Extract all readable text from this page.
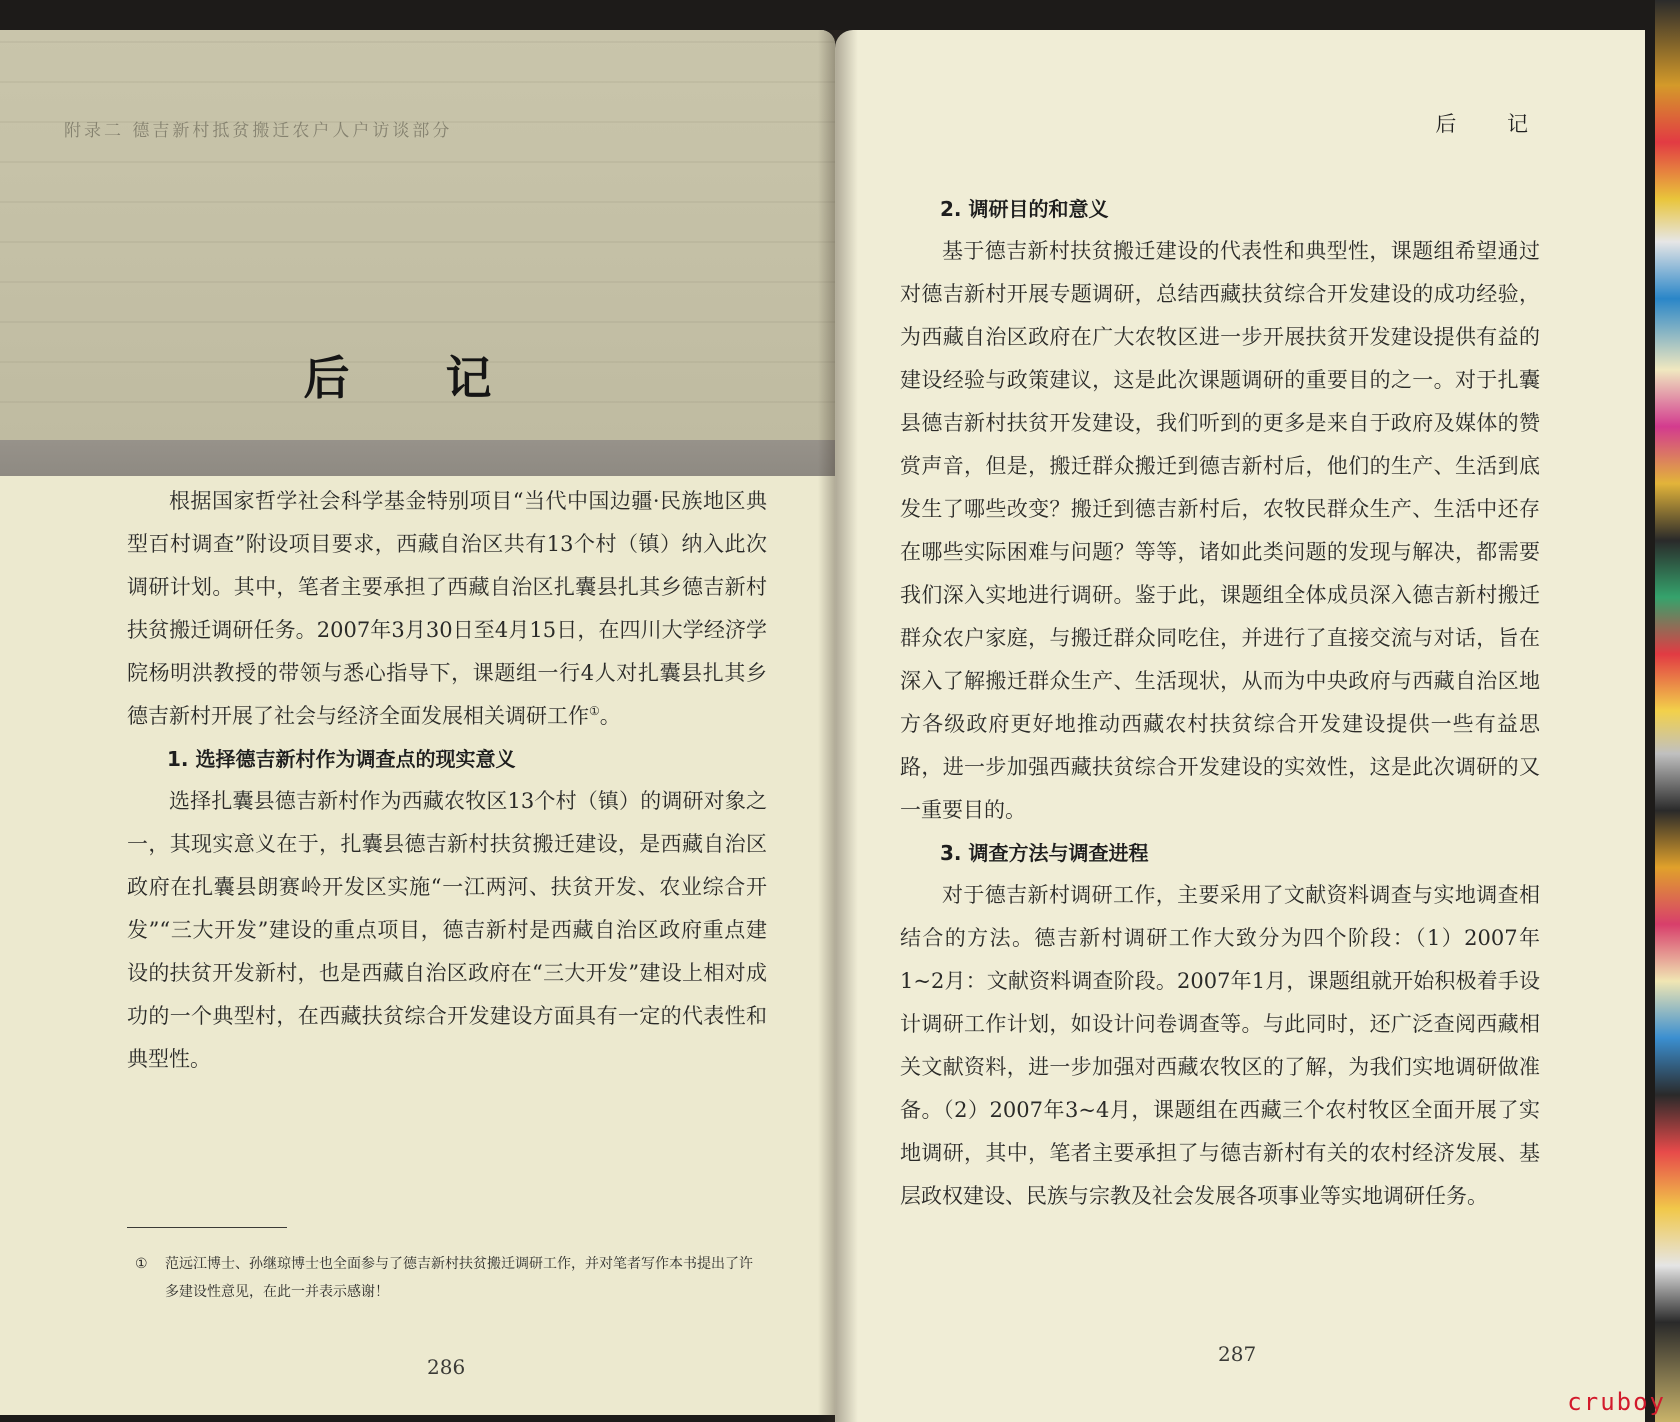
附录二 德吉新村抵贫搬迁农户人户访谈部分
后 记
后 记
2. 调研目的和意义

基于德吉新村扶贫搬迁建设的代表性和典型性，课题组希望通过对德吉新村开展专题调研，总结西藏扶贫综合开发建设的成功经验，为西藏自治区政府在广大农牧区进一步开展扶贫开发建设提供有益的建设经验与政策建议，这是此次课题调研的重要目的之一。对于扎囊县德吉新村扶贫开发建设，我们听到的更多是来自于政府及媒体的赞赏声音，但是，搬迁群众搬迁到德吉新村后，他们的生产、生活到底发生了哪些改变？搬迁到德吉新村后，农牧民群众生产、生活中还存在哪些实际困难与问题？等等，诸如此类问题的发现与解决，都需要我们深入实地进行调研。鉴于此，课题组全体成员深入德吉新村搬迁群众农户家庭，与搬迁群众同吃住，并进行了直接交流与对话，旨在深入了解搬迁群众生产、生活现状，从而为中央政府与西藏自治区地方各级政府更好地推动西藏农村扶贫综合开发建设提供一些有益思路，进一步加强西藏扶贫综合开发建设的实效性，这是此次调研的又一重要目的。

3. 调查方法与调查进程

对于德吉新村调研工作，主要采用了文献资料调查与实地调查相结合的方法。德吉新村调研工作大致分为四个阶段：（1）2007年1~2月：文献资料调查阶段。2007年1月，课题组就开始积极着手设计调研工作计划，如设计问卷调查等。与此同时，还广泛查阅西藏相关文献资料，进一步加强对西藏农牧区的了解，为我们实地调研做准备。（2）2007年3~4月，课题组在西藏三个农村牧区全面开展了实地调研，其中，笔者主要承担了与德吉新村有关的农村经济发展、基层政权建设、民族与宗教及社会发展各项事业等实地调研任务。

根据国家哲学社会科学基金特别项目“当代中国边疆·民族地区典型百村调查”附设项目要求，西藏自治区共有13个村（镇）纳入此次调研计划。其中，笔者主要承担了西藏自治区扎囊县扎其乡德吉新村扶贫搬迁调研任务。2007年3月30日至4月15日，在四川大学经济学院杨明洪教授的带领与悉心指导下，课题组一行4人对扎囊县扎其乡德吉新村开展了社会与经济全面发展相关调研工作①。

1. 选择德吉新村作为调查点的现实意义

选择扎囊县德吉新村作为西藏农牧区13个村（镇）的调研对象之一，其现实意义在于，扎囊县德吉新村扶贫搬迁建设，是西藏自治区政府在扎囊县朗赛岭开发区实施“一江两河、扶贫开发、农业综合开发”“三大开发”建设的重点项目，德吉新村是西藏自治区政府重点建设的扶贫开发新村，也是西藏自治区政府在“三大开发”建设上相对成功的一个典型村，在西藏扶贫综合开发建设方面具有一定的代表性和典型性。

① 范远江博士、孙继琼博士也全面参与了德吉新村扶贫搬迁调研工作，并对笔者写作本书提出了许多建设性意见，在此一并表示感谢！
286
287
cruboy
